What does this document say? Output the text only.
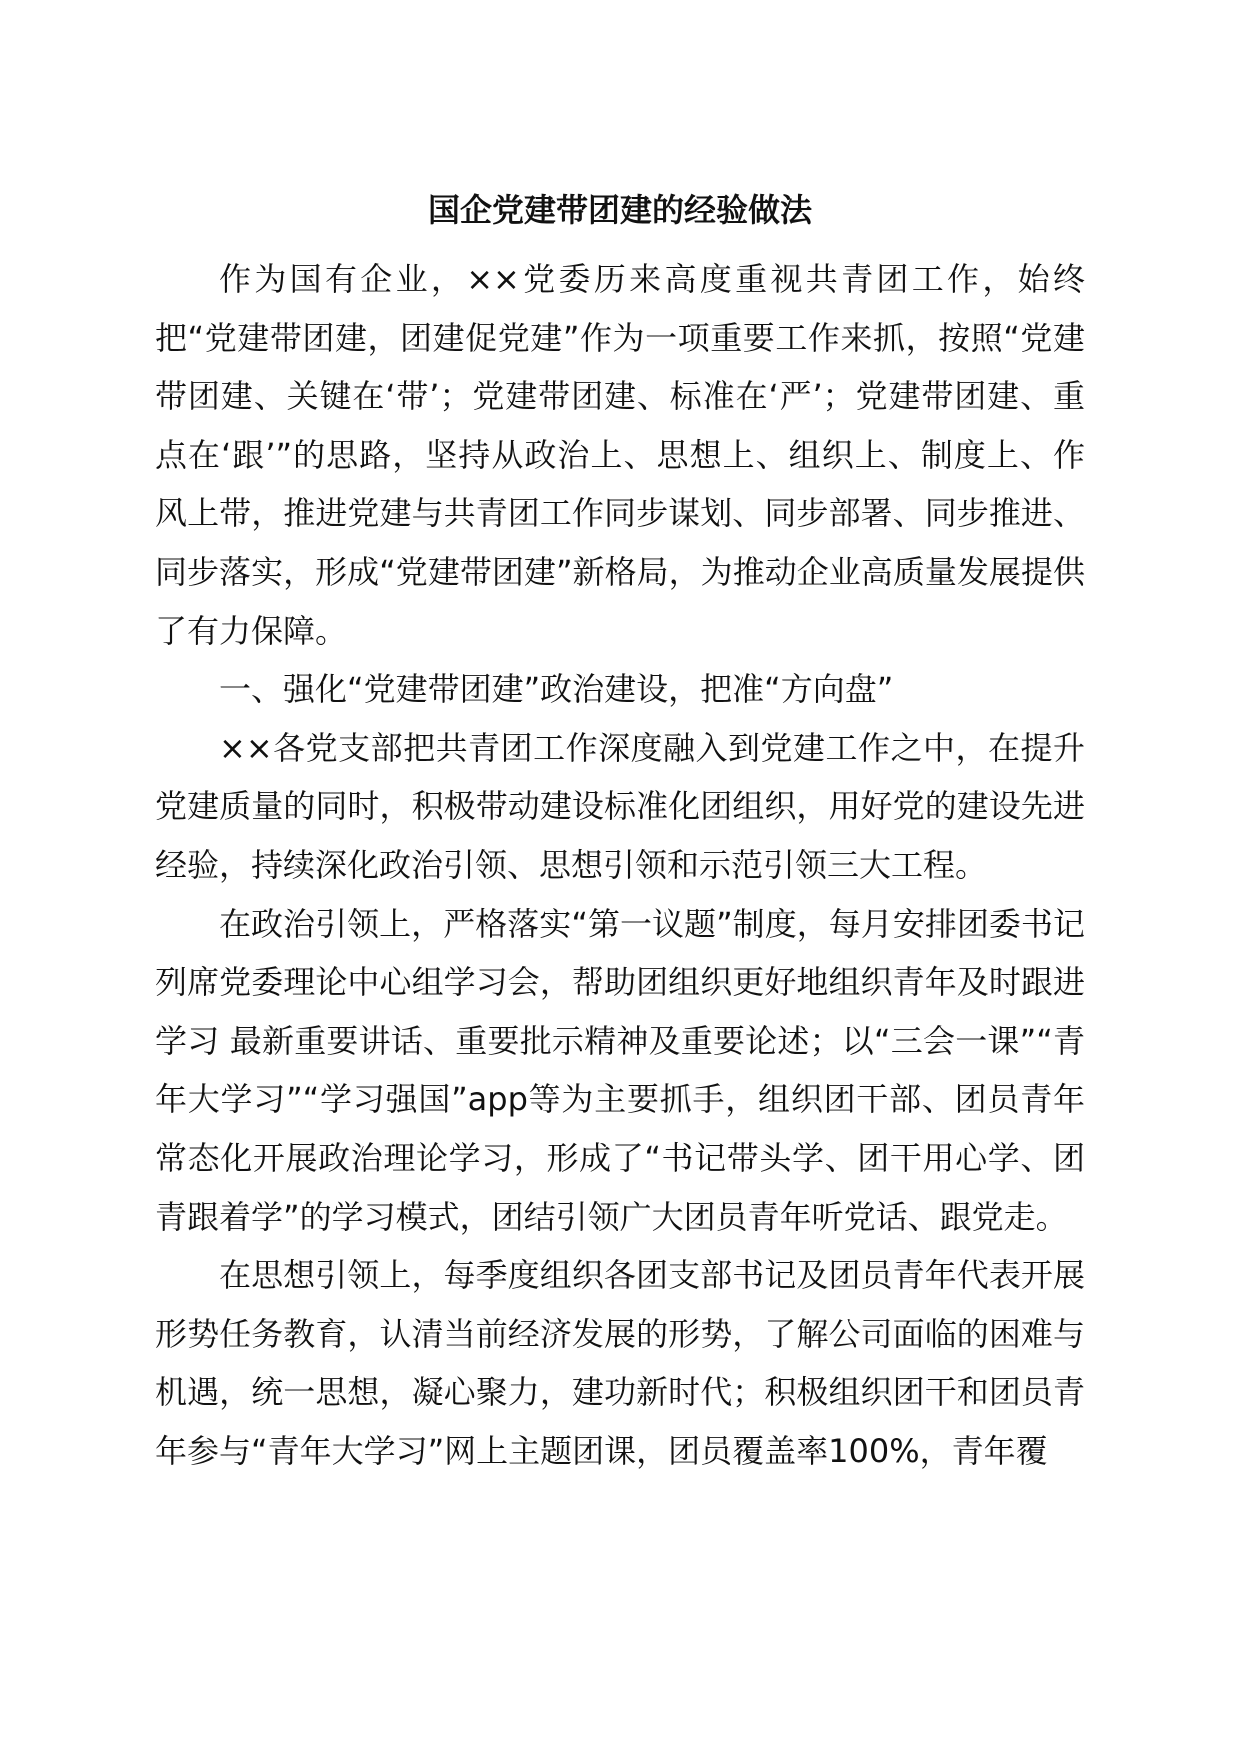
国企党建带团建的经验做法

作为国有企业，××党委历来高度重视共青团工作，始终把“党建带团建，团建促党建”作为一项重要工作来抓，按照“党建带团建、关键在‘带’；党建带团建、标准在‘严’；党建带团建、重点在‘跟’”的思路，坚持从政治上、思想上、组织上、制度上、作风上带，推进党建与共青团工作同步谋划、同步部署、同步推进、同步落实，形成“党建带团建”新格局，为推动企业高质量发展提供了有力保障。

一、强化“党建带团建”政治建设，把准“方向盘”

××各党支部把共青团工作深度融入到党建工作之中，在提升党建质量的同时，积极带动建设标准化团组织，用好党的建设先进经验，持续深化政治引领、思想引领和示范引领三大工程。

在政治引领上，严格落实“第一议题”制度，每月安排团委书记列席党委理论中心组学习会，帮助团组织更好地组织青年及时跟进学习 最新重要讲话、重要批示精神及重要论述；以“三会一课”“青年大学习”“学习强国”app等为主要抓手，组织团干部、团员青年常态化开展政治理论学习，形成了“书记带头学、团干用心学、团青跟着学”的学习模式，团结引领广大团员青年听党话、跟党走。

在思想引领上，每季度组织各团支部书记及团员青年代表开展形势任务教育，认清当前经济发展的形势，了解公司面临的困难与机遇，统一思想，凝心聚力，建功新时代；积极组织团干和团员青年参与“青年大学习”网上主题团课，团员覆盖率100%，青年覆
